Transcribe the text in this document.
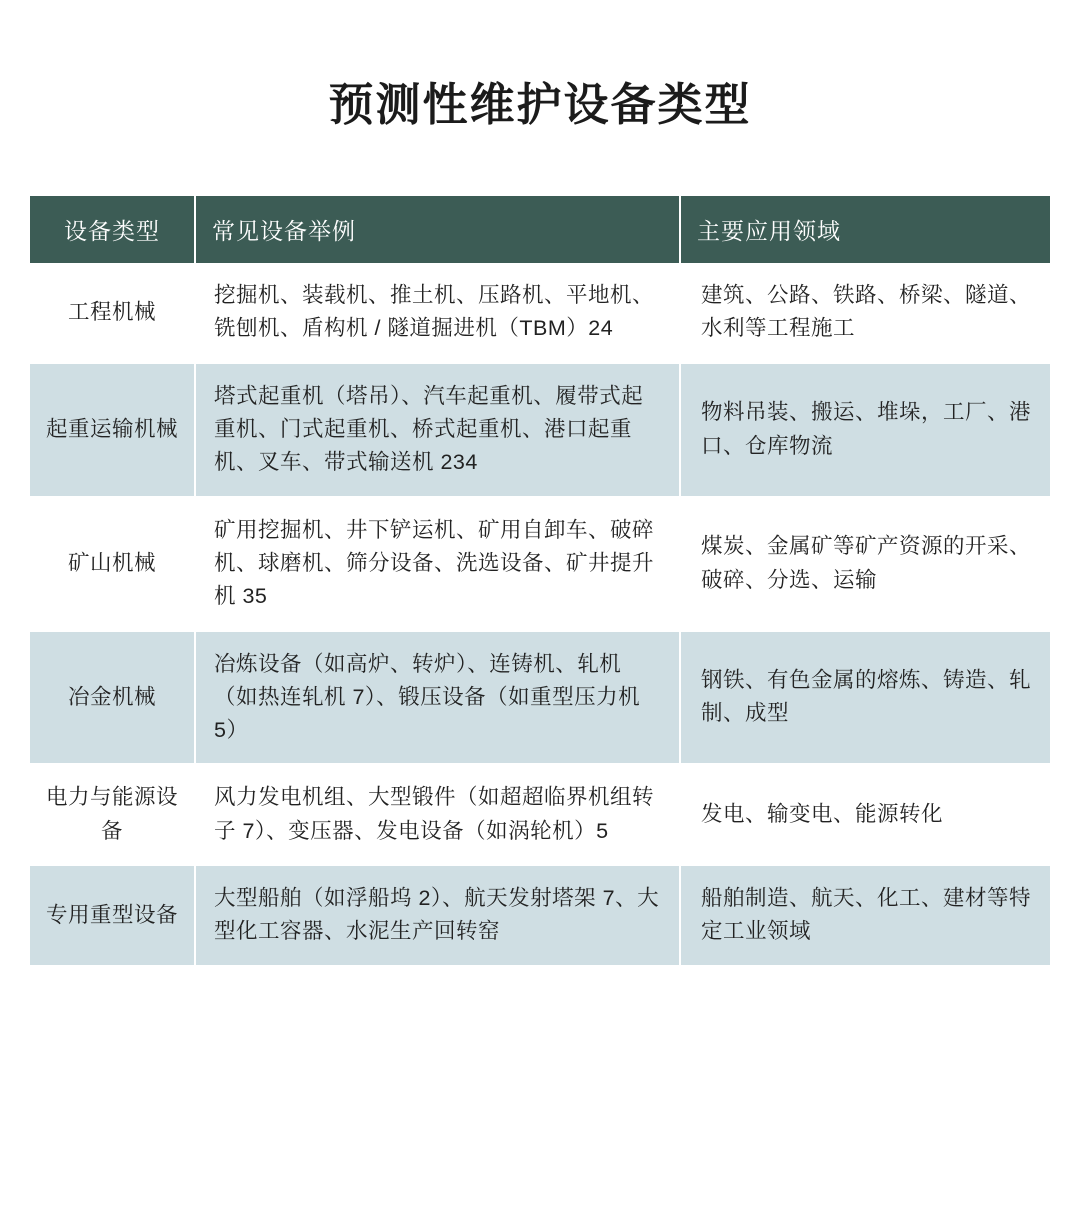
预测性维护设备类型
设备类型	常见设备举例	主要应用领域
工程机械	挖掘机、装载机、推土机、压路机、平地机、铣刨机、盾构机 / 隧道掘进机（TBM）24	建筑、公路、铁路、桥梁、隧道、水利等工程施工
起重运输机械	塔式起重机（塔吊）、汽车起重机、履带式起重机、门式起重机、桥式起重机、港口起重机、叉车、带式输送机 234	物料吊装、搬运、堆垛，工厂、港口、仓库物流
矿山机械	矿用挖掘机、井下铲运机、矿用自卸车、破碎机、球磨机、筛分设备、洗选设备、矿井提升机 35	煤炭、金属矿等矿产资源的开采、破碎、分选、运输
冶金机械	冶炼设备（如高炉、转炉）、连铸机、轧机（如热连轧机 7）、锻压设备（如重型压力机 5）	钢铁、有色金属的熔炼、铸造、轧制、成型
电力与能源设备	风力发电机组、大型锻件（如超超临界机组转子 7）、变压器、发电设备（如涡轮机）5	发电、输变电、能源转化
专用重型设备	大型船舶（如浮船坞 2）、航天发射塔架 7、大型化工容器、水泥生产回转窑	船舶制造、航天、化工、建材等特定工业领域
